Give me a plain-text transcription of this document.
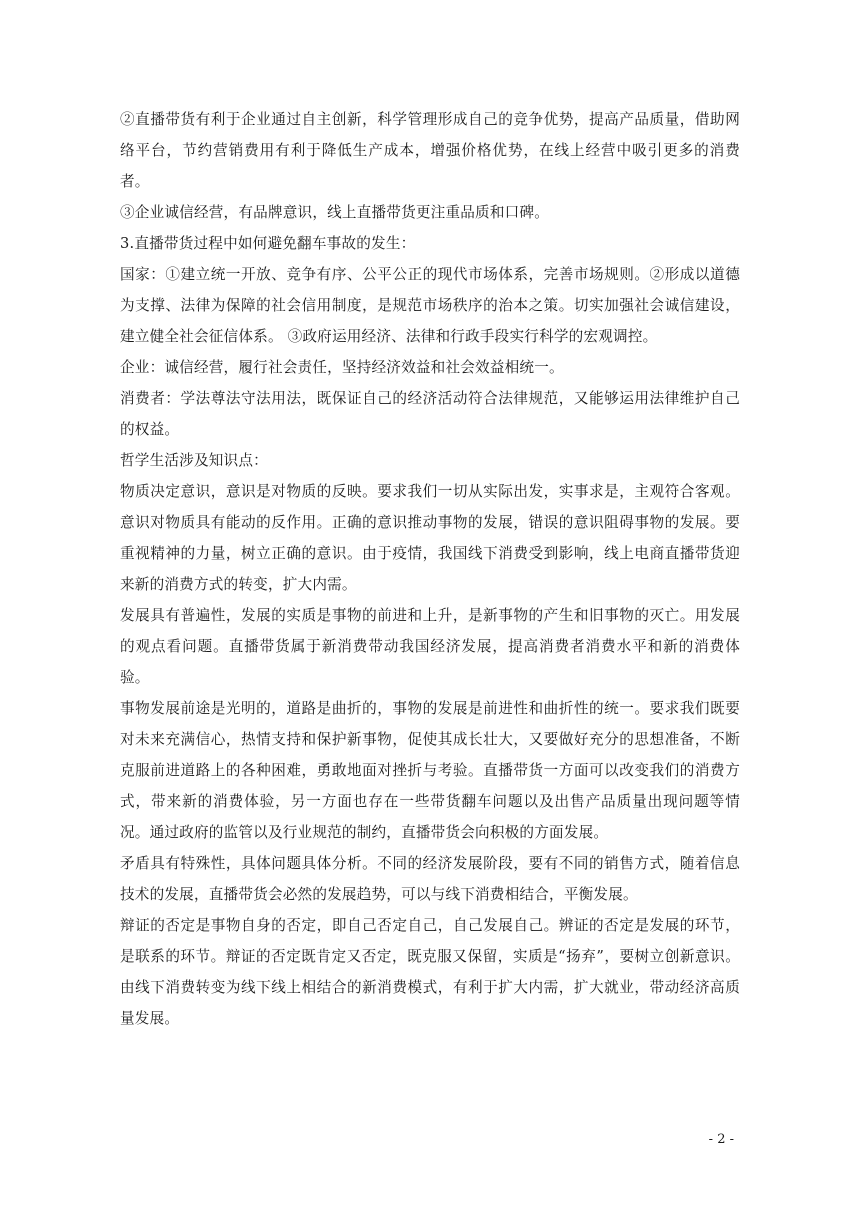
②直播带货有利于企业通过自主创新，科学管理形成自己的竞争优势，提高产品质量，借助网络平台，节约营销费用有利于降低生产成本，增强价格优势，在线上经营中吸引更多的消费者。

③企业诚信经营，有品牌意识，线上直播带货更注重品质和口碑。

3.直播带货过程中如何避免翻车事故的发生：

国家：①建立统一开放、竞争有序、公平公正的现代市场体系，完善市场规则。②形成以道德为支撑、法律为保障的社会信用制度，是规范市场秩序的治本之策。切实加强社会诚信建设，建立健全社会征信体系。 ③政府运用经济、法律和行政手段实行科学的宏观调控。

企业：诚信经营，履行社会责任，坚持经济效益和社会效益相统一。

消费者：学法尊法守法用法，既保证自己的经济活动符合法律规范，又能够运用法律维护自己的权益。

哲学生活涉及知识点：

物质决定意识，意识是对物质的反映。要求我们一切从实际出发，实事求是，主观符合客观。意识对物质具有能动的反作用。正确的意识推动事物的发展，错误的意识阻碍事物的发展。要重视精神的力量，树立正确的意识。由于疫情，我国线下消费受到影响，线上电商直播带货迎来新的消费方式的转变，扩大内需。

发展具有普遍性，发展的实质是事物的前进和上升，是新事物的产生和旧事物的灭亡。用发展的观点看问题。直播带货属于新消费带动我国经济发展，提高消费者消费水平和新的消费体验。

事物发展前途是光明的，道路是曲折的，事物的发展是前进性和曲折性的统一。要求我们既要对未来充满信心，热情支持和保护新事物，促使其成长壮大，又要做好充分的思想准备，不断克服前进道路上的各种困难，勇敢地面对挫折与考验。直播带货一方面可以改变我们的消费方式，带来新的消费体验，另一方面也存在一些带货翻车问题以及出售产品质量出现问题等情况。通过政府的监管以及行业规范的制约，直播带货会向积极的方面发展。

矛盾具有特殊性，具体问题具体分析。不同的经济发展阶段，要有不同的销售方式，随着信息技术的发展，直播带货会必然的发展趋势，可以与线下消费相结合，平衡发展。

辩证的否定是事物自身的否定，即自己否定自己，自己发展自己。辨证的否定是发展的环节，是联系的环节。辩证的否定既肯定又否定，既克服又保留，实质是“扬弃”，要树立创新意识。由线下消费转变为线下线上相结合的新消费模式，有利于扩大内需，扩大就业，带动经济高质量发展。

- 2 -
